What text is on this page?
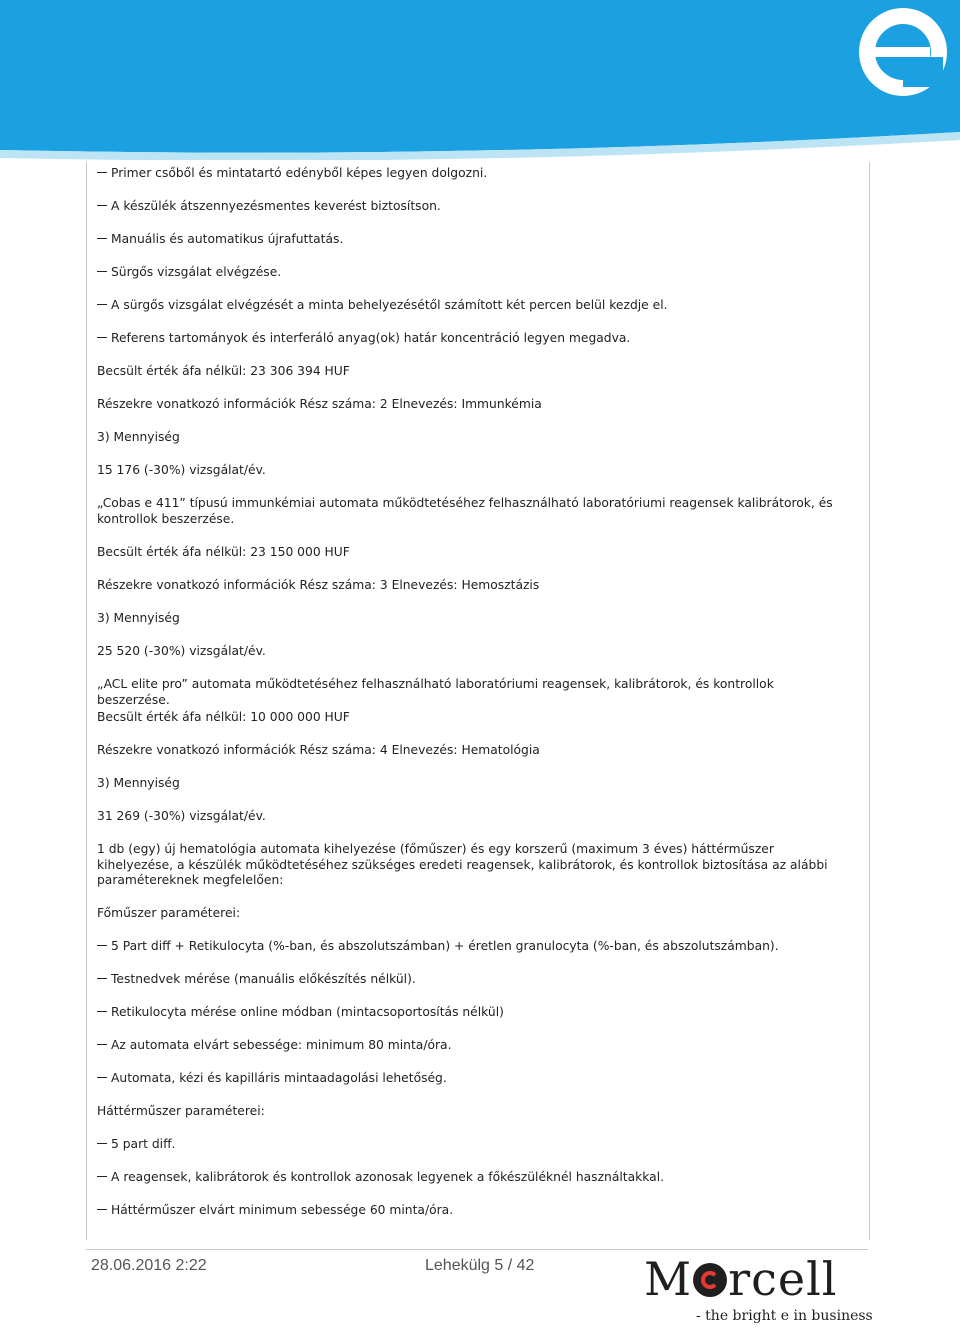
Primer csőből és mintatartó edényből képes legyen dolgozni.
A készülék átszennyezésmentes keverést biztosítson.
Manuális és automatikus újrafuttatás.
Sürgős vizsgálat elvégzése.
A sürgős vizsgálat elvégzését a minta behelyezésétől számított két percen belül kezdje el.
Referens tartományok és interferáló anyag(ok) határ koncentráció legyen megadva.
Becsült érték áfa nélkül: 23 306 394 HUF
Részekre vonatkozó információk Rész száma: 2 Elnevezés: Immunkémia
3) Mennyiség
15 176 (-30%) vizsgálat/év.
„Cobas e 411” típusú immunkémiai automata működtetéséhez felhasználható laboratóriumi reagensek kalibrátorok, és kontrollok beszerzése.
Becsült érték áfa nélkül: 23 150 000 HUF
Részekre vonatkozó információk Rész száma: 3 Elnevezés: Hemosztázis
3) Mennyiség
25 520 (-30%) vizsgálat/év.
„ACL elite pro” automata működtetéséhez felhasználható laboratóriumi reagensek, kalibrátorok, és kontrollok beszerzése.
Becsült érték áfa nélkül: 10 000 000 HUF
Részekre vonatkozó információk Rész száma: 4 Elnevezés: Hematológia
3) Mennyiség
31 269 (-30%) vizsgálat/év.
1 db (egy) új hematológia automata kihelyezése (főműszer) és egy korszerű (maximum 3 éves) háttérműszer kihelyezése, a készülék működtetéséhez szükséges eredeti reagensek, kalibrátorok, és kontrollok biztosítása az alábbi paramétereknek megfelelően:
Főműszer paraméterei:
5 Part diff + Retikulocyta (%-ban, és abszolutszámban) + éretlen granulocyta (%-ban, és abszolutszámban).
Testnedvek mérése (manuális előkészítés nélkül).
Retikulocyta mérése online módban (mintacsoportosítás nélkül)
Az automata elvárt sebessége: minimum 80 minta/óra.
Automata, kézi és kapilláris mintaadagolási lehetőség.
Háttérműszer paraméterei:
5 part diff.
A reagensek, kalibrátorok és kontrollok azonosak legyenek a főkészüléknél használtakkal.
Háttérműszer elvárt minimum sebessége 60 minta/óra.
28.06.2016 2:22	Lehekülg 5 / 42 M rcell
- the bright e in business
